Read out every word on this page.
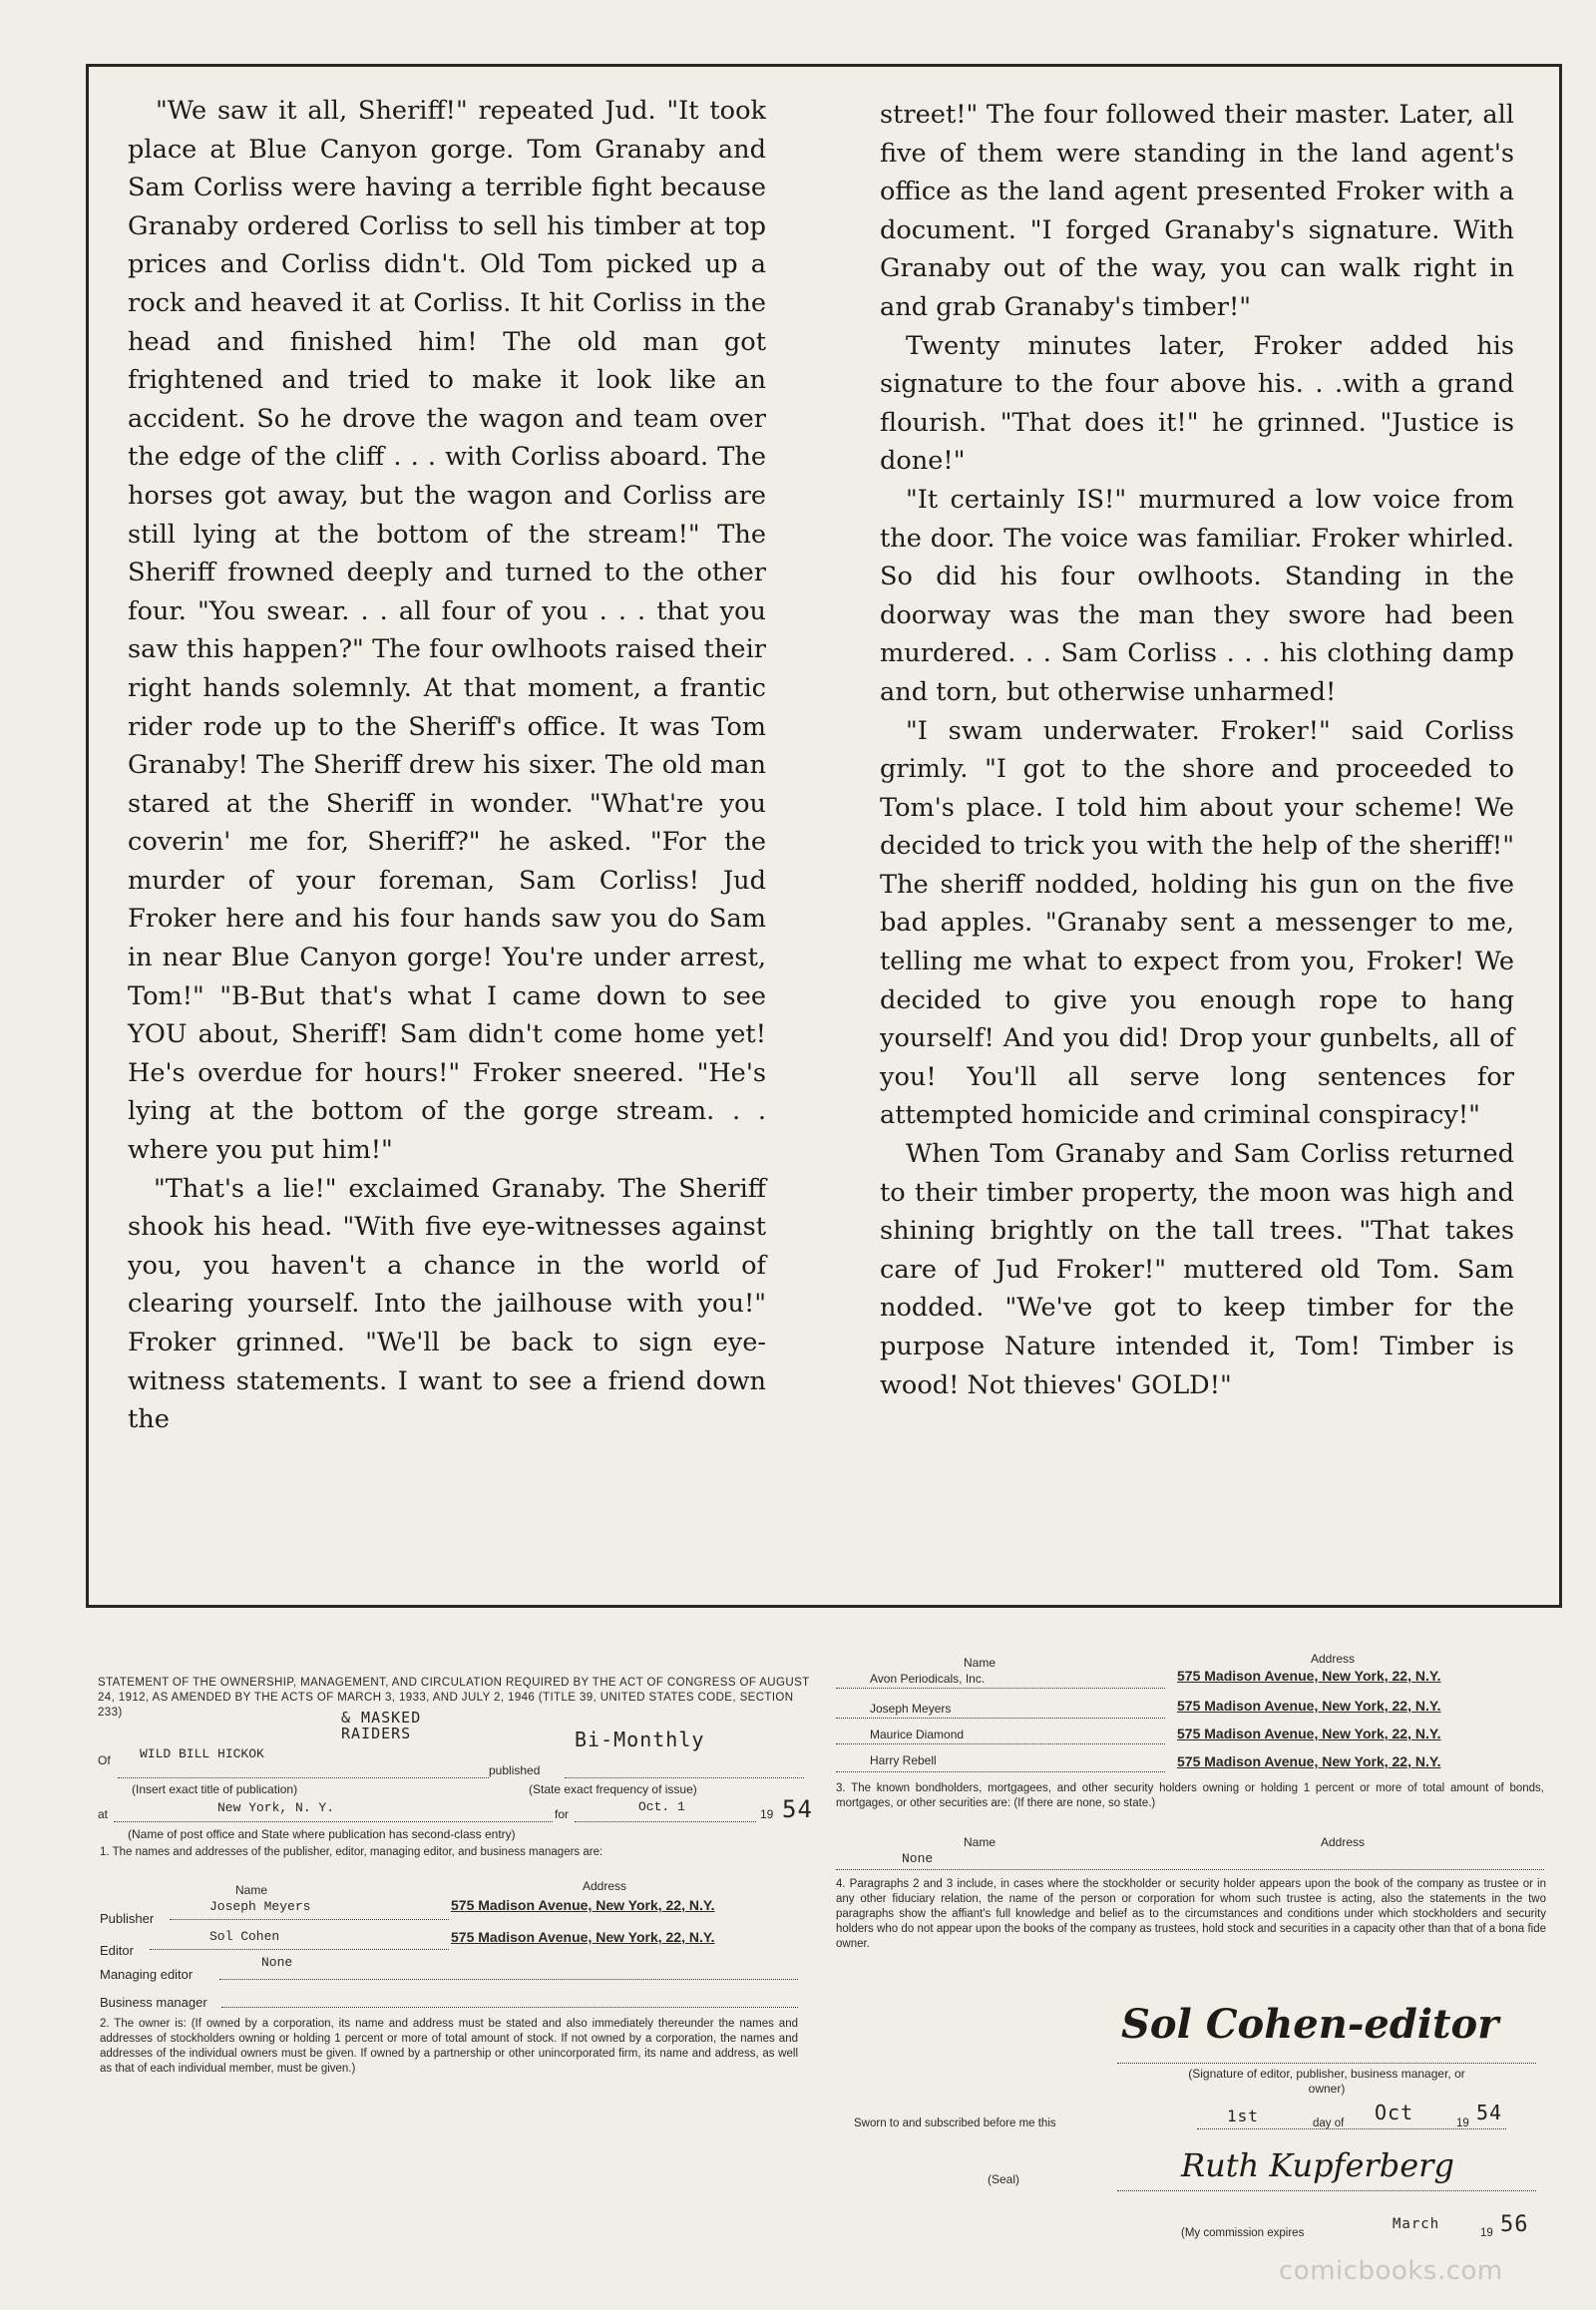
"We saw it all, Sheriff!" repeated Jud. "It took place at Blue Canyon gorge. Tom Granaby and Sam Corliss were having a terrible fight because Granaby ordered Corliss to sell his timber at top prices and Corliss didn't. Old Tom picked up a rock and heaved it at Corliss. It hit Corliss in the head and finished him! The old man got frightened and tried to make it look like an accident. So he drove the wagon and team over the edge of the cliff . . . with Corliss aboard. The horses got away, but the wagon and Corliss are still lying at the bottom of the stream!" The Sheriff frowned deeply and turned to the other four. "You swear. . . all four of you . . . that you saw this happen?" The four owlhoots raised their right hands solemnly. At that moment, a frantic rider rode up to the Sheriff's office. It was Tom Granaby! The Sheriff drew his sixer. The old man stared at the Sheriff in wonder. "What're you coverin' me for, Sheriff?" he asked. "For the murder of your foreman, Sam Corliss! Jud Froker here and his four hands saw you do Sam in near Blue Canyon gorge! You're under arrest, Tom!" "B-But that's what I came down to see YOU about, Sheriff! Sam didn't come home yet! He's overdue for hours!" Froker sneered. "He's lying at the bottom of the gorge stream. . . where you put him!"

"That's a lie!" exclaimed Granaby. The Sheriff shook his head. "With five eye-witnesses against you, you haven't a chance in the world of clearing yourself. Into the jailhouse with you!" Froker grinned. "We'll be back to sign eye-witness statements. I want to see a friend down the

street!" The four followed their master. Later, all five of them were standing in the land agent's office as the land agent presented Froker with a document. "I forged Granaby's signature. With Granaby out of the way, you can walk right in and grab Granaby's timber!"

Twenty minutes later, Froker added his signature to the four above his. . .with a grand flourish. "That does it!" he grinned. "Justice is done!"

"It certainly IS!" murmured a low voice from the door. The voice was familiar. Froker whirled. So did his four owlhoots. Standing in the doorway was the man they swore had been murdered. . . Sam Corliss . . . his clothing damp and torn, but otherwise unharmed!

"I swam underwater. Froker!" said Corliss grimly. "I got to the shore and proceeded to Tom's place. I told him about your scheme! We decided to trick you with the help of the sheriff!" The sheriff nodded, holding his gun on the five bad apples. "Granaby sent a messenger to me, telling me what to expect from you, Froker! We decided to give you enough rope to hang yourself! And you did! Drop your gunbelts, all of you! You'll all serve long sentences for attempted homicide and criminal conspiracy!"

When Tom Granaby and Sam Corliss returned to their timber property, the moon was high and shining brightly on the tall trees. "That takes care of Jud Froker!" muttered old Tom. Sam nodded. "We've got to keep timber for the purpose Nature intended it, Tom! Timber is wood! Not thieves' GOLD!"

STATEMENT OF THE OWNERSHIP, MANAGEMENT, AND CIRCULATION REQUIRED BY THE ACT OF CONGRESS OF AUGUST 24, 1912, AS AMENDED BY THE ACTS OF MARCH 3, 1933, AND JULY 2, 1946 (TITLE 39, UNITED STATES CODE, SECTION 233)
Of WILD BILL HICKOK
& MASKED RAIDERS	Bi-Monthly
published
(Insert exact title of publication)	(State exact frequency of issue)
at	New York, N. Y.	for	Oct. 1	19 54
(Name of post office and State where publication has second-class entry)
1. The names and addresses of the publisher, editor, managing editor, and business managers are:
Name	Address
Publisher
Joseph Meyers	575 Madison Avenue, New York, 22, N.Y.
Editor
Sol Cohen	575 Madison Avenue, New York, 22, N.Y.
Managing editor
None
Business manager
2. The owner is: (If owned by a corporation, its name and address must be stated and also immediately thereunder the names and addresses of stockholders owning or holding 1 percent or more of total amount of stock. If not owned by a corporation, the names and addresses of the individual owners must be given. If owned by a partnership or other unincorporated firm, its name and address, as well as that of each individual member, must be given.)
Name	Address
Avon Periodicals, Inc.	575 Madison Avenue, New York, 22, N.Y.
Joseph Meyers	575 Madison Avenue, New York, 22, N.Y.
Maurice Diamond	575 Madison Avenue, New York, 22, N.Y.
Harry Rebell	575 Madison Avenue, New York, 22, N.Y.
3. The known bondholders, mortgagees, and other security holders owning or holding 1 percent or more of total amount of bonds, mortgages, or other securities are: (If there are none, so state.)
Name	Address
None
4. Paragraphs 2 and 3 include, in cases where the stockholder or security holder appears upon the book of the company as trustee or in any other fiduciary relation, the name of the person or corporation for whom such trustee is acting, also the statements in the two paragraphs show the affiant's full knowledge and belief as to the circumstances and conditions under which stockholders and security holders who do not appear upon the books of the company as trustees, hold stock and securities in a capacity other than that of a bona fide owner.
Sol Cohen-editor
(Signature of editor, publisher, business manager, or owner)
Sworn to and subscribed before me this	1st	day of Oct	19 54
(Seal)	Ruth Kupferberg
(My commission expires
March
19 56
comicbooks.com
